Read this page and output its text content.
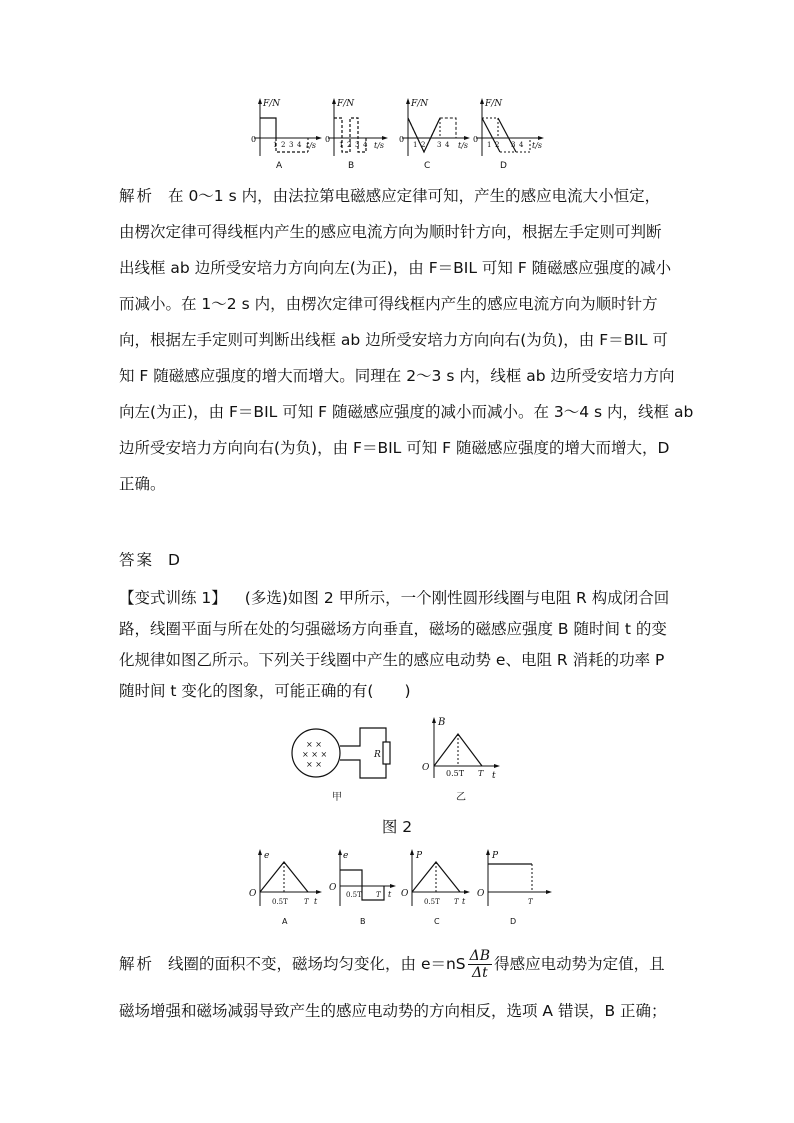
F/N
t/s
0
1 2 3 4
A
F/N
t/s
0
1 2 3 4
B
F/N
t/s
0
1 2 3 4
C
F/N
t/s
0
1 2 3 4
D
解析 在 0～1 s 内，由法拉第电磁感应定律可知，产生的感应电流大小恒定，
由楞次定律可得线框内产生的感应电流方向为顺时针方向，根据左手定则可判断
出线框 ab 边所受安培力方向向左(为正)，由 F＝BIL 可知 F 随磁感应强度的减小
而减小。在 1～2 s 内，由楞次定律可得线框内产生的感应电流方向为顺时针方
向，根据左手定则可判断出线框 ab 边所受安培力方向向右(为负)，由 F＝BIL 可
知 F 随磁感应强度的增大而增大。同理在 2～3 s 内，线框 ab 边所受安培力方向
向左(为正)，由 F＝BIL 可知 F 随磁感应强度的减小而减小。在 3～4 s 内，线框 ab
边所受安培力方向向右(为负)，由 F＝BIL 可知 F 随磁感应强度的增大而增大，D
正确。
答案 D
【变式训练 1】 (多选)如图 2 甲所示，一个刚性圆形线圈与电阻 R 构成闭合回
路，线圈平面与所在处的匀强磁场方向垂直，磁场的磁感应强度 B 随时间 t 的变
化规律如图乙所示。下列关于线圈中产生的感应电动势 e、电阻 R 消耗的功率 P
随时间 t 变化的图象，可能正确的有(　　)
× ×
× × ×
× ×
R
甲
B
t
O
0.5T T
乙
图 2
e
t
O
0.5T T
A
e
t
O
0.5T T
B
P
t
O
0.5T T
C
P
O
T
D
解析 线圈的面积不变，磁场均匀变化，由 $e=nS \frac{\Delta B}{\Delta t}$ 得感应电动势为定值，且
磁场增强和磁场减弱导致产生的感应电动势的方向相反，选项 A 错误，B 正确；
